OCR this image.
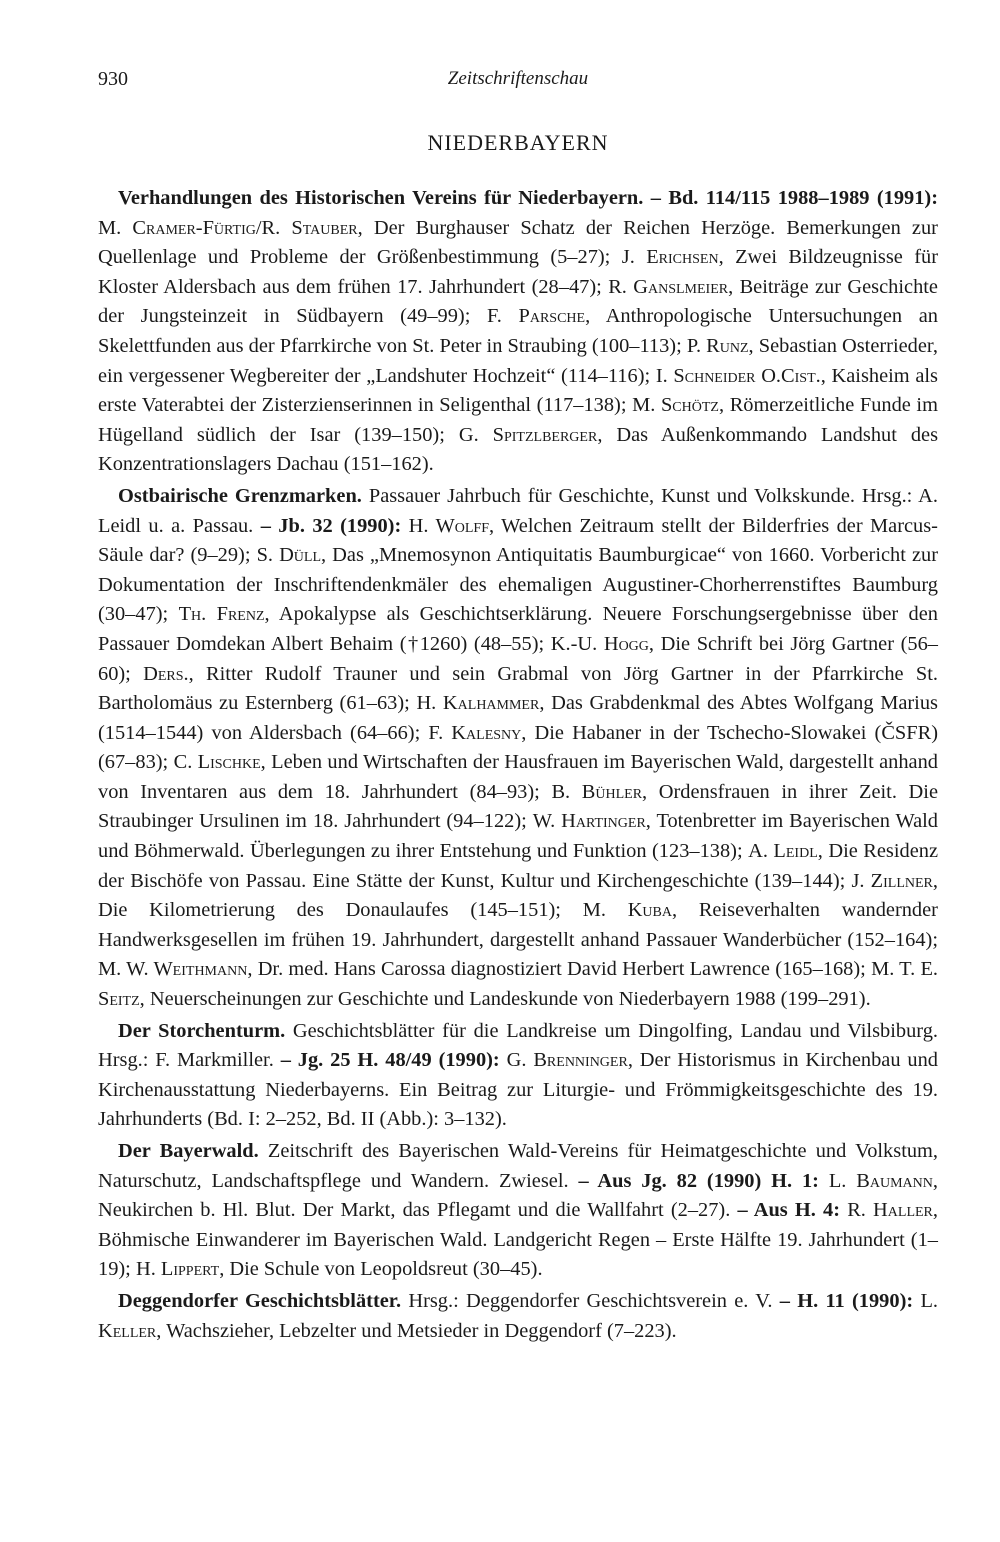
930	Zeitschriftenschau
NIEDERBAYERN

Verhandlungen des Historischen Vereins für Niederbayern. – Bd. 114/115 1988–1989 (1991): M. Cramer-Fürtig/R. Stauber, Der Burghauser Schatz der Reichen Herzöge. Bemerkungen zur Quellenlage und Probleme der Größenbestimmung (5–27); J. Erichsen, Zwei Bildzeugnisse für Kloster Aldersbach aus dem frühen 17. Jahrhundert (28–47); R. Ganslmeier, Beiträge zur Geschichte der Jungsteinzeit in Südbayern (49–99); F. Parsche, Anthropologische Untersuchungen an Skelettfunden aus der Pfarrkirche von St. Peter in Straubing (100–113); P. Runz, Sebastian Osterrieder, ein vergessener Wegbereiter der „Landshuter Hochzeit“ (114–116); I. Schneider O.Cist., Kaisheim als erste Vaterabtei der Zisterzienserinnen in Seligenthal (117–138); M. Schötz, Römerzeitliche Funde im Hügelland südlich der Isar (139–150); G. Spitzlberger, Das Außenkommando Landshut des Konzentrationslagers Dachau (151–162).

Ostbairische Grenzmarken. Passauer Jahrbuch für Geschichte, Kunst und Volkskunde. Hrsg.: A. Leidl u. a. Passau. – Jb. 32 (1990): H. Wolff, Welchen Zeitraum stellt der Bilderfries der Marcus-Säule dar? (9–29); S. Düll, Das „Mnemosynon Antiquitatis Baumburgicae“ von 1660. Vorbericht zur Dokumentation der Inschriftendenkmäler des ehemaligen Augustiner-Chorherrenstiftes Baumburg (30–47); Th. Frenz, Apokalypse als Geschichtserklärung. Neuere Forschungsergebnisse über den Passauer Domdekan Albert Behaim (†1260) (48–55); K.-U. Hogg, Die Schrift bei Jörg Gartner (56–60); Ders., Ritter Rudolf Trauner und sein Grabmal von Jörg Gartner in der Pfarrkirche St. Bartholomäus zu Esternberg (61–63); H. Kalhammer, Das Grabdenkmal des Abtes Wolfgang Marius (1514–1544) von Aldersbach (64–66); F. Kalesny, Die Habaner in der Tschecho-Slowakei (ČSFR) (67–83); C. Lischke, Leben und Wirtschaften der Hausfrauen im Bayerischen Wald, dargestellt anhand von Inventaren aus dem 18. Jahrhundert (84–93); B. Bühler, Ordensfrauen in ihrer Zeit. Die Straubinger Ursulinen im 18. Jahrhundert (94–122); W. Hartinger, Totenbretter im Bayerischen Wald und Böhmerwald. Überlegungen zu ihrer Entstehung und Funktion (123–138); A. Leidl, Die Residenz der Bischöfe von Passau. Eine Stätte der Kunst, Kultur und Kirchengeschichte (139–144); J. Zillner, Die Kilometrierung des Donaulaufes (145–151); M. Kuba, Reiseverhalten wandernder Handwerksgesellen im frühen 19. Jahrhundert, dargestellt anhand Passauer Wanderbücher (152–164); M. W. Weithmann, Dr. med. Hans Carossa diagnostiziert David Herbert Lawrence (165–168); M. T. E. Seitz, Neuerscheinungen zur Geschichte und Landeskunde von Niederbayern 1988 (199–291).

Der Storchenturm. Geschichtsblätter für die Landkreise um Dingolfing, Landau und Vilsbiburg. Hrsg.: F. Markmiller. – Jg. 25 H. 48/49 (1990): G. Brenninger, Der Historismus in Kirchenbau und Kirchenausstattung Niederbayerns. Ein Beitrag zur Liturgie- und Frömmigkeitsgeschichte des 19. Jahrhunderts (Bd. I: 2–252, Bd. II (Abb.): 3–132).

Der Bayerwald. Zeitschrift des Bayerischen Wald-Vereins für Heimatgeschichte und Volkstum, Naturschutz, Landschaftspflege und Wandern. Zwiesel. – Aus Jg. 82 (1990) H. 1: L. Baumann, Neukirchen b. Hl. Blut. Der Markt, das Pflegamt und die Wallfahrt (2–27). – Aus H. 4: R. Haller, Böhmische Einwanderer im Bayerischen Wald. Landgericht Regen – Erste Hälfte 19. Jahrhundert (1–19); H. Lippert, Die Schule von Leopoldsreut (30–45).

Deggendorfer Geschichtsblätter. Hrsg.: Deggendorfer Geschichtsverein e. V. – H. 11 (1990): L. Keller, Wachszieher, Lebzelter und Metsieder in Deggendorf (7–223).
